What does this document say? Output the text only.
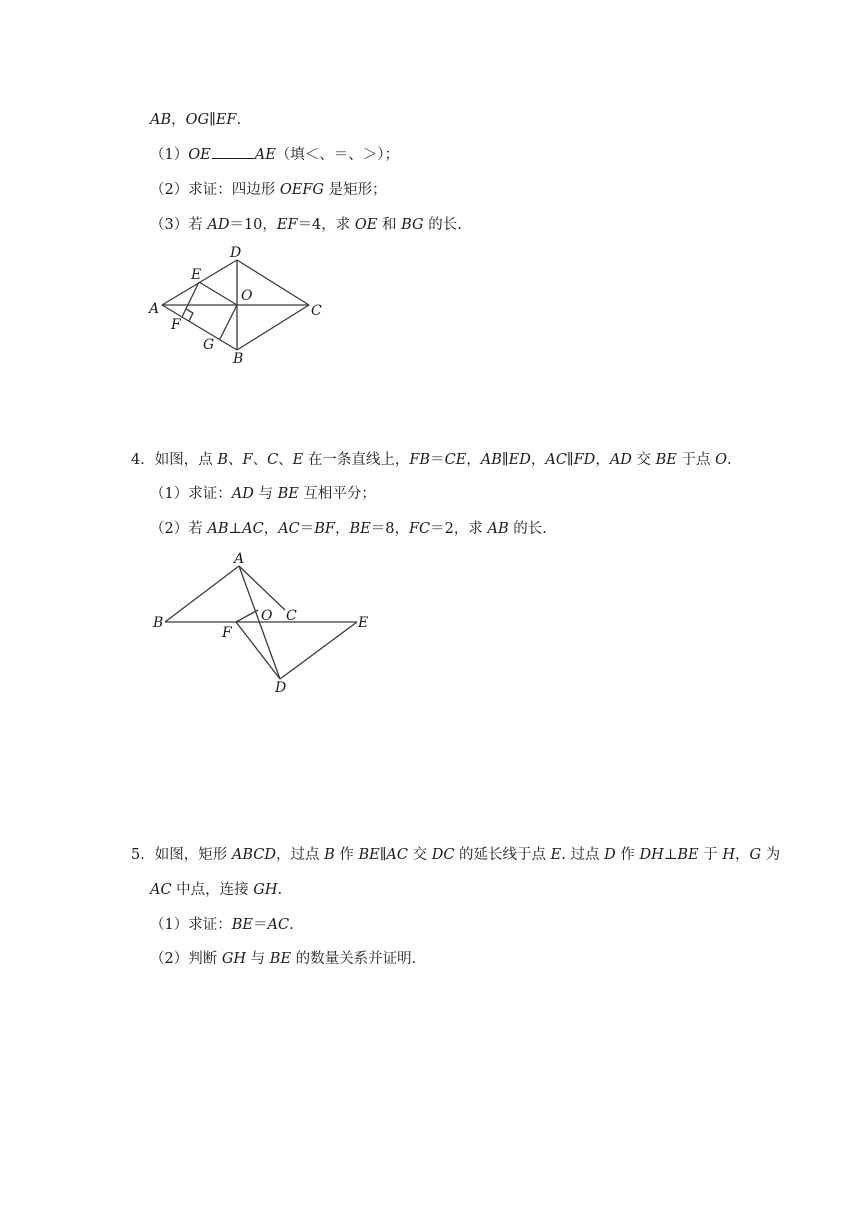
AB，OG∥EF.
（1）OE	AE（填＜、＝、＞）；
（2）求证：四边形 OEFG 是矩形；
（3）若 AD＝10，EF＝4，求 OE 和 BG 的长.
D
E
O
A	C
F
G
B
4．如图，点 B、F、C、E 在一条直线上，FB＝CE，AB∥ED，AC∥FD，AD 交 BE 于点 O.
（1）求证：AD 与 BE 互相平分；
（2）若 AB⊥AC，AC＝BF，BE＝8，FC＝2，求 AB 的长.
A
B	O C
F
E
D
5．如图，矩形 ABCD，过点 B 作 BE∥AC 交 DC 的延长线于点 E. 过点 D 作 DH⊥BE 于 H，G 为
AC 中点，连接 GH.
（1）求证：BE＝AC.
（2）判断 GH 与 BE 的数量关系并证明.
